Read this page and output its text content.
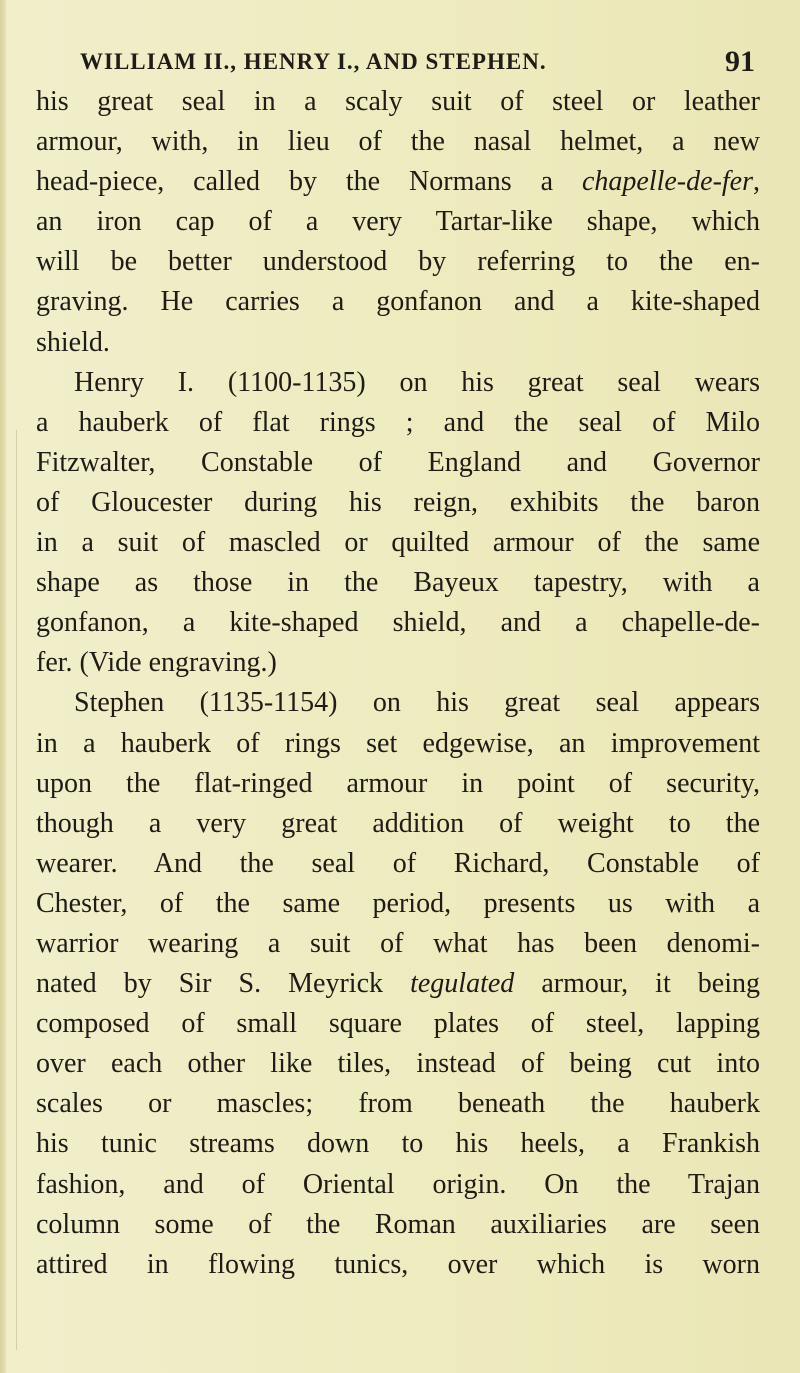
WILLIAM II., HENRY I., AND STEPHEN.	91
his great seal in a scaly suit of steel or leather
armour, with, in lieu of the nasal helmet, a new
head-piece, called by the Normans a chapelle-de-fer,
an iron cap of a very Tartar-like shape, which
will be better understood by referring to the en-
graving. He carries a gonfanon and a kite-shaped
shield.
Henry I. (1100-1135) on his great seal wears
a hauberk of flat rings ; and the seal of Milo
Fitzwalter, Constable of England and Governor
of Gloucester during his reign, exhibits the baron
in a suit of mascled or quilted armour of the same
shape as those in the Bayeux tapestry, with a
gonfanon, a kite-shaped shield, and a chapelle-de-
fer. (Vide engraving.)
Stephen (1135-1154) on his great seal appears
in a hauberk of rings set edgewise, an improvement
upon the flat-ringed armour in point of security,
though a very great addition of weight to the
wearer. And the seal of Richard, Constable of
Chester, of the same period, presents us with a
warrior wearing a suit of what has been denomi-
nated by Sir S. Meyrick tegulated armour, it being
composed of small square plates of steel, lapping
over each other like tiles, instead of being cut into
scales or mascles; from beneath the hauberk
his tunic streams down to his heels, a Frankish
fashion, and of Oriental origin. On the Trajan
column some of the Roman auxiliaries are seen
attired in flowing tunics, over which is worn
